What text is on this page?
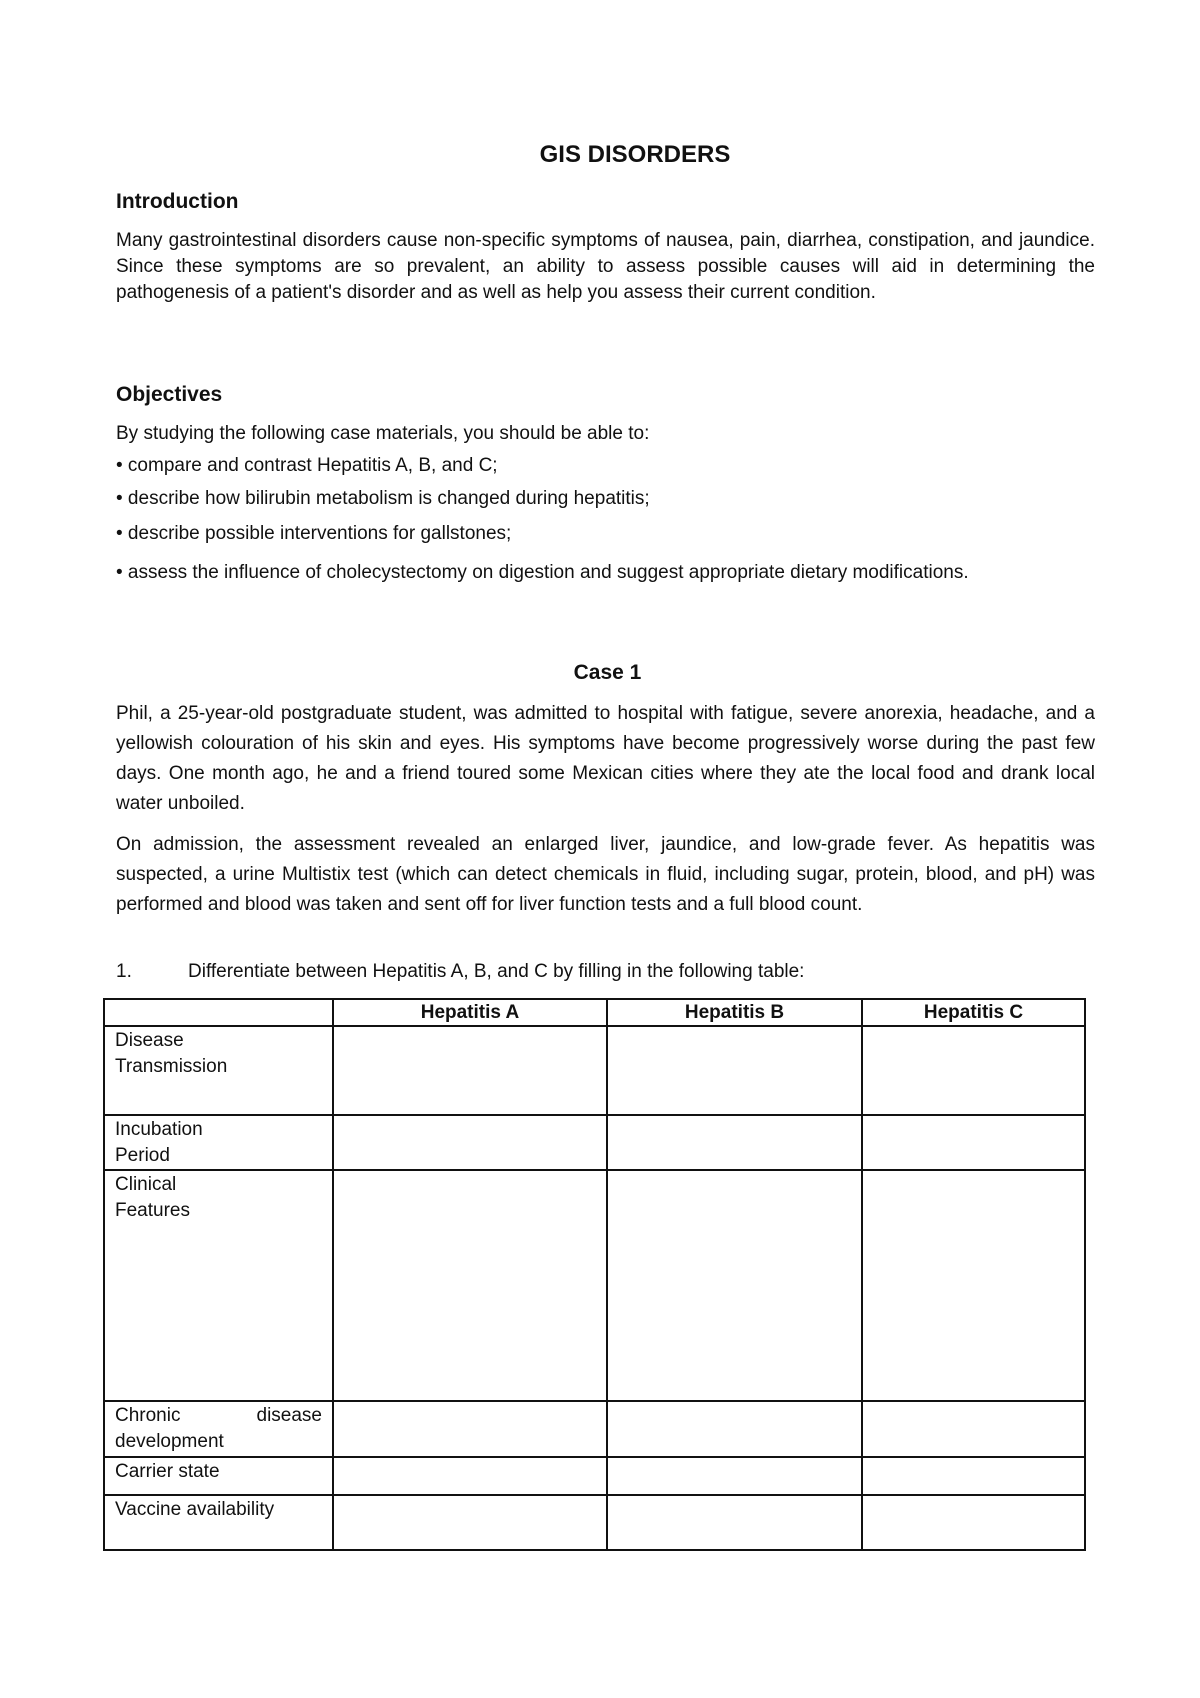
GIS DISORDERS
Introduction
Many gastrointestinal disorders cause non-specific symptoms of nausea, pain, diarrhea, constipation, and jaundice. Since these symptoms are so prevalent, an ability to assess possible causes will aid in determining the pathogenesis of a patient's disorder and as well as help you assess their current condition.
Objectives
By studying the following case materials, you should be able to:
• compare and contrast Hepatitis A, B, and C;
• describe how bilirubin metabolism is changed during hepatitis;
• describe possible interventions for gallstones;
• assess the influence of cholecystectomy on digestion and suggest appropriate dietary modifications.
Case 1
Phil, a 25-year-old postgraduate student, was admitted to hospital with fatigue, severe anorexia, headache, and a yellowish colouration of his skin and eyes. His symptoms have become progressively worse during the past few days. One month ago, he and a friend toured some Mexican cities where they ate the local food and drank local water unboiled.
On admission, the assessment revealed an enlarged liver, jaundice, and low-grade fever. As hepatitis was suspected, a urine Multistix test (which can detect chemicals in fluid, including sugar, protein, blood, and pH) was performed and blood was taken and sent off for liver function tests and a full blood count.
1.	Differentiate between Hepatitis A, B, and C by filling in the following table:
	Hepatitis A	Hepatitis B	Hepatitis C

Disease
Transmission			

Incubation
Period			

Clinical
Features			

Chronic disease
development			

Carrier state			

Vaccine availability			
